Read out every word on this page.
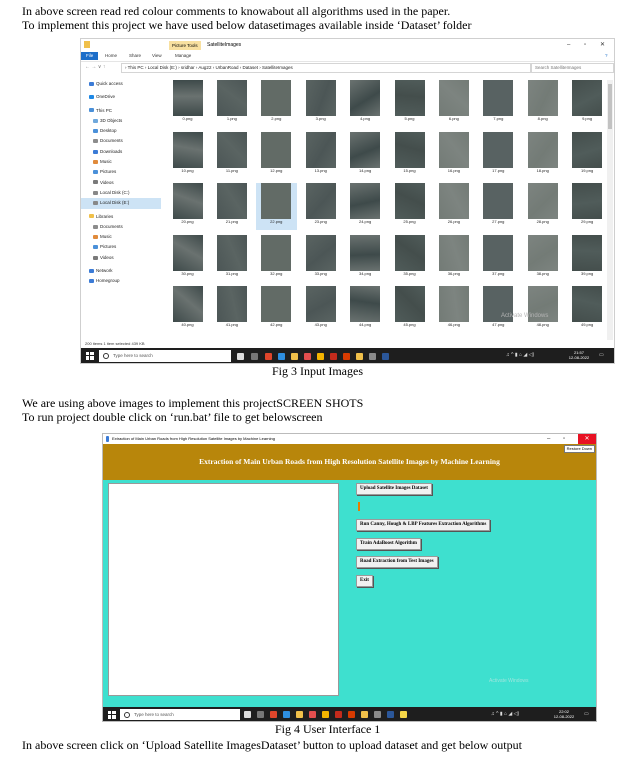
In above screen read red colour comments to knowabout all algorithms used in the paper.
To implement this project we have used below datasetimages available inside ‘Dataset’ folder
Picture Tools	SatelliteImages	– ▫ ✕
File	Home	Share View	Manage	?
← → ∨ ↑	› This PC › Local Disk (E:) › sridhar › Aug22 › UrbanRoad › Dataset › SatelliteImages	Search SatelliteImages
Quick access
OneDrive
This PC
3D Objects
Desktop
Documents
Downloads
Music
Pictures
Videos
Local Disk (C:)
Local Disk (E:)
Libraries
Documents
Music
Pictures
Videos
Network
Homegroup
0.png	1.png	2.png	3.png	4.png	5.png	6.png	7.png	8.png	9.png
10.png	11.png	12.png	13.png	14.png	15.png	16.png	17.png	18.png	19.png
20.png	21.png	22.png	23.png	24.png	25.png	26.png	27.png	28.png	29.png
30.png	31.png	32.png	33.png	34.png	35.png	36.png	37.png	38.png	39.png
40.png	41.png	42.png	43.png	44.png	45.png	46.png	47.png	48.png	49.png
Activate Windows
200 items 1 item selected 439 KB
Type here to search	♫ ^ ▮ ⌂ ◢ ◁)	21:57
12-08-2022	▭
Fig 3 Input Images
We are using above images to implement this projectSCREEN SHOTS
To run project double click on ‘run.bat’ file to get belowscreen
Extraction of Main Urban Roads from High Resolution Satellite Images by Machine Learning	– ▫	✕
Extraction of Main Urban Roads from High Resolution Satellite Images by Machine Learning
Restore Down
Upload Satellite Images Dataset
Run Canny, Hough & LBP Features Extraction Algorithms
Train AdaBoost Algorithm
Road Extraction from Test Images
Exit
Activate Windows
Type here to search	♫ ^ ▮ ⌂ ◢ ◁)	22:02
12-08-2022	▭
Fig 4 User Interface 1
In above screen click on ‘Upload Satellite ImagesDataset’ button to upload dataset and get below output
